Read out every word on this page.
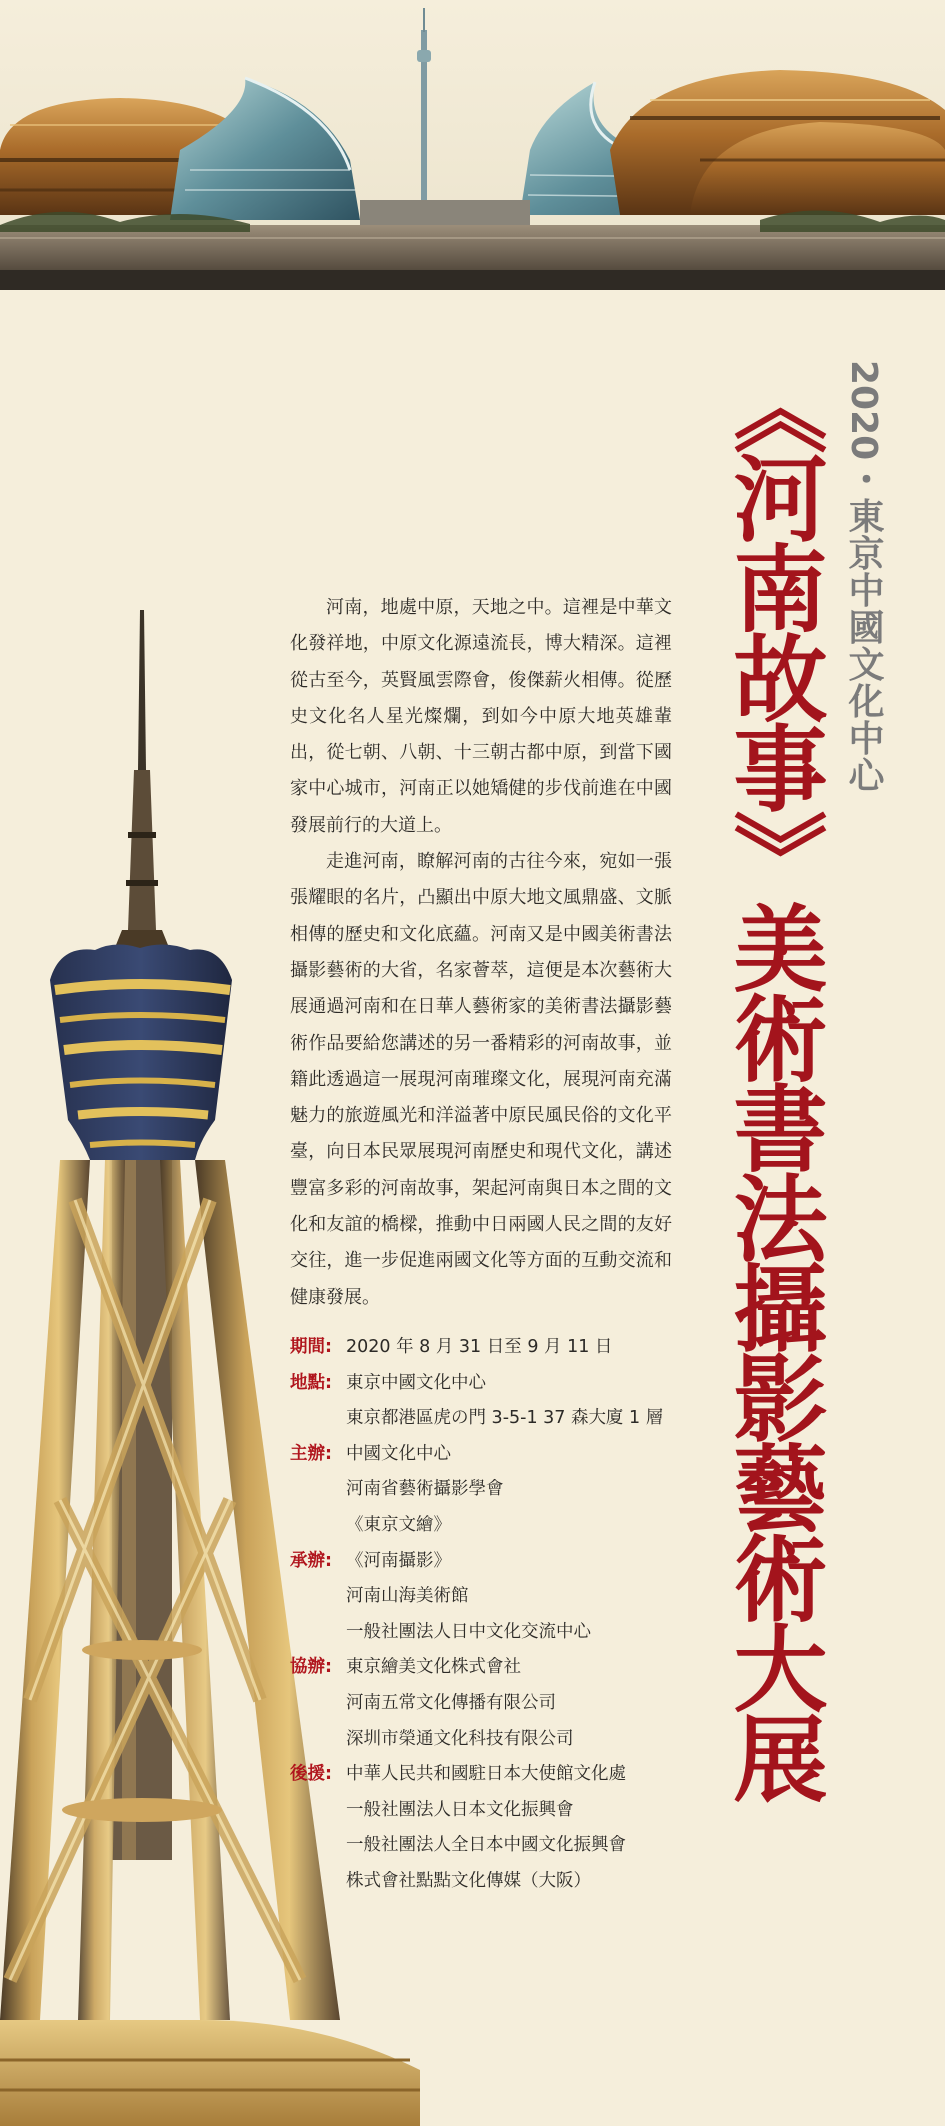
2020・東京中國文化中心
《河南故事》美術書法攝影藝術大展

河南，地處中原，天地之中。這裡是中華文化發祥地，中原文化源遠流長，博大精深。這裡從古至今，英賢風雲際會，俊傑薪火相傳。從歷史文化名人星光燦爛，到如今中原大地英雄輩出，從七朝、八朝、十三朝古都中原，到當下國家中心城市，河南正以她矯健的步伐前進在中國發展前行的大道上。

走進河南，瞭解河南的古往今來，宛如一張張耀眼的名片，凸顯出中原大地文風鼎盛、文脈相傳的歷史和文化底蘊。河南又是中國美術書法攝影藝術的大省，名家薈萃，這便是本次藝術大展通過河南和在日華人藝術家的美術書法攝影藝術作品要給您講述的另一番精彩的河南故事，並籍此透過這一展現河南璀璨文化，展現河南充滿魅力的旅遊風光和洋溢著中原民風民俗的文化平臺，向日本民眾展現河南歷史和現代文化，講述豐富多彩的河南故事，架起河南與日本之間的文化和友誼的橋樑，推動中日兩國人民之間的友好交往，進一步促進兩國文化等方面的互動交流和健康發展。

期間: 2020 年 8 月 31 日至 9 月 11 日
地點: 東京中國文化中心
東京都港區虎の門 3-5-1 37 森大廈 1 層
主辦: 中國文化中心
河南省藝術攝影學會
《東京文繪》
承辦: 《河南攝影》
河南山海美術館
一般社團法人日中文化交流中心
協辦: 東京繪美文化株式會社
河南五常文化傳播有限公司
深圳市榮通文化科技有限公司
後援: 中華人民共和國駐日本大使館文化處
一般社團法人日本文化振興會
一般社團法人全日本中國文化振興會
株式會社點點文化傳媒（大阪）
